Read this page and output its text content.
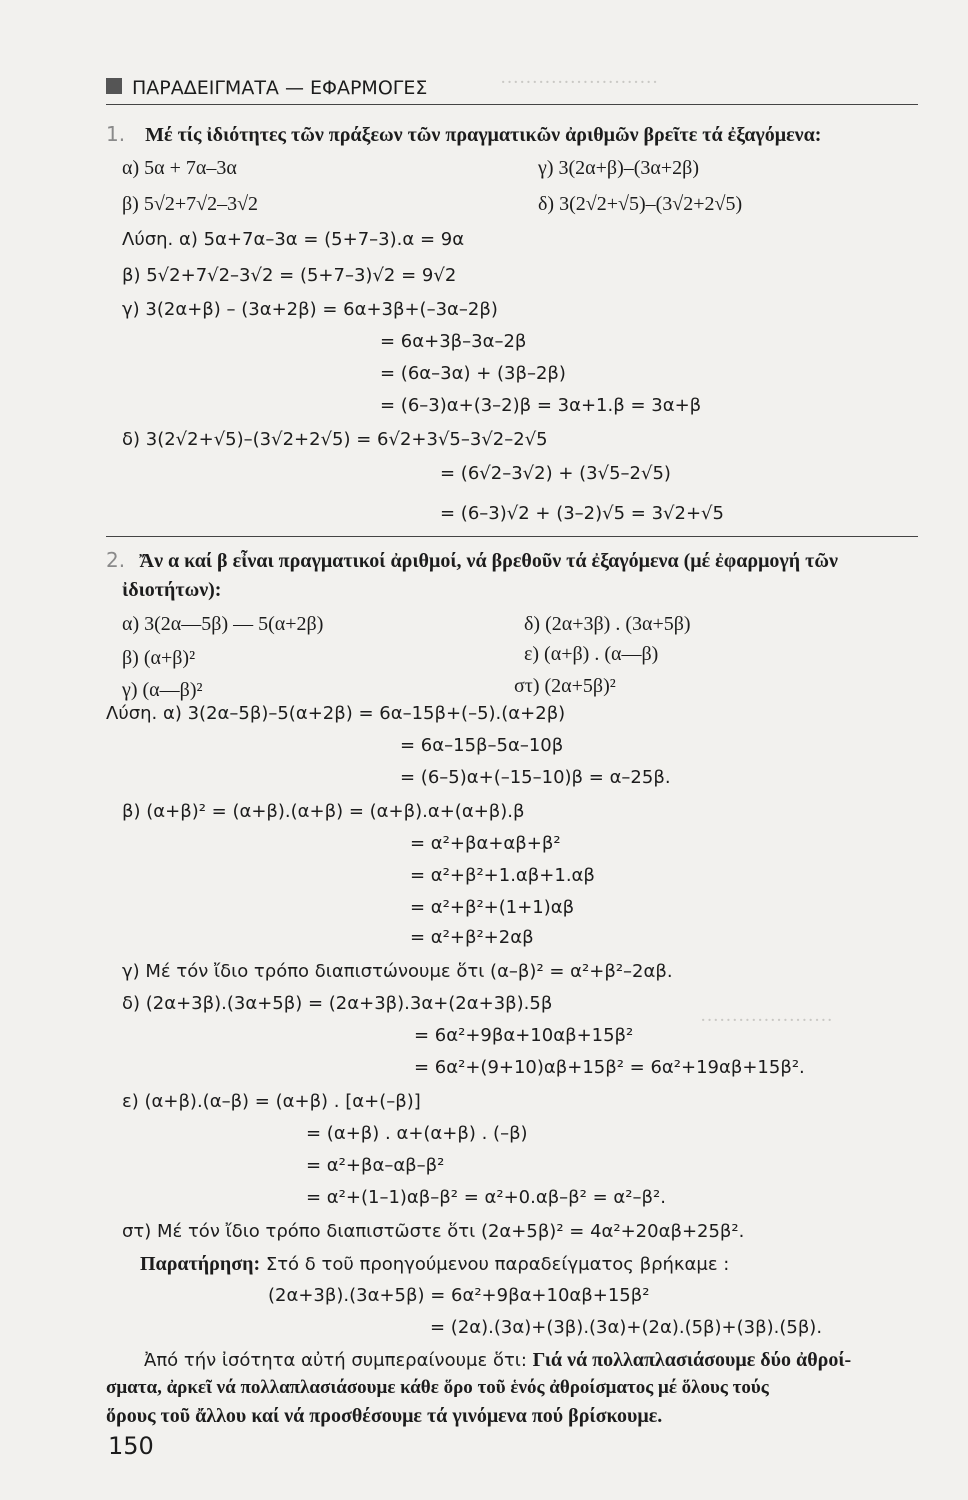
·························
·····················
ΠΑΡΑΔΕΙΓΜΑΤΑ — ΕΦΑΡΜΟΓΕΣ
1. Μέ τίς ἰδιότητες τῶν πράξεων τῶν πραγματικῶν ἀριθμῶν βρεῖτε τά ἐξαγόμενα:
α) 5α + 7α–3α	γ) 3(2α+β)–(3α+2β)
β) 5√2+7√2–3√2	δ) 3(2√2+√5)–(3√2+2√5)
Λύση. α) 5α+7α–3α = (5+7–3).α = 9α
β) 5√2+7√2–3√2 = (5+7–3)√2 = 9√2
γ) 3(2α+β) – (3α+2β) = 6α+3β+(–3α–2β)
= 6α+3β–3α–2β
= (6α–3α) + (3β–2β)
= (6–3)α+(3–2)β = 3α+1.β = 3α+β
δ) 3(2√2+√5)–(3√2+2√5) = 6√2+3√5–3√2–2√5
= (6√2–3√2) + (3√5–2√5)
= (6–3)√2 + (3–2)√5 = 3√2+√5
2. Ἄν α καί β εἶναι πραγματικοί ἀριθμοί, νά βρεθοῦν τά ἐξαγόμενα (μέ ἐφαρμογή τῶν
ἰδιοτήτων):
α) 3(2α—5β) — 5(α+2β)	δ) (2α+3β) . (3α+5β)
β) (α+β)²	ε) (α+β) . (α—β)
γ) (α—β)²	στ) (2α+5β)²
Λύση. α) 3(2α–5β)–5(α+2β) = 6α–15β+(–5).(α+2β)
= 6α–15β–5α–10β
= (6–5)α+(–15–10)β = α–25β.
β) (α+β)² = (α+β).(α+β) = (α+β).α+(α+β).β
= α²+βα+αβ+β²
= α²+β²+1.αβ+1.αβ
= α²+β²+(1+1)αβ
= α²+β²+2αβ
γ) Μέ τόν ἴδιο τρόπο διαπιστώνουμε ὅτι (α–β)² = α²+β²–2αβ.
δ) (2α+3β).(3α+5β) = (2α+3β).3α+(2α+3β).5β
= 6α²+9βα+10αβ+15β²
= 6α²+(9+10)αβ+15β² = 6α²+19αβ+15β².
ε) (α+β).(α–β) = (α+β) . [α+(–β)]
= (α+β) . α+(α+β) . (–β)
= α²+βα–αβ–β²
= α²+(1–1)αβ–β² = α²+0.αβ–β² = α²–β².
στ) Μέ τόν ἴδιο τρόπο διαπιστῶστε ὅτι (2α+5β)² = 4α²+20αβ+25β².
Παρατήρηση: Στό δ τοῦ προηγούμενου παραδείγματος βρήκαμε :
(2α+3β).(3α+5β) = 6α²+9βα+10αβ+15β²
= (2α).(3α)+(3β).(3α)+(2α).(5β)+(3β).(5β).
Ἀπό τήν ἰσότητα αὐτή συμπεραίνουμε ὅτι: Γιά νά πολλαπλασιάσουμε δύο ἀθροί-
σματα, ἀρκεῖ νά πολλαπλασιάσουμε κάθε ὅρο τοῦ ἑνός ἀθροίσματος μέ ὅλους τούς
ὅρους τοῦ ἄλλου καί νά προσθέσουμε τά γινόμενα πού βρίσκουμε.
150
